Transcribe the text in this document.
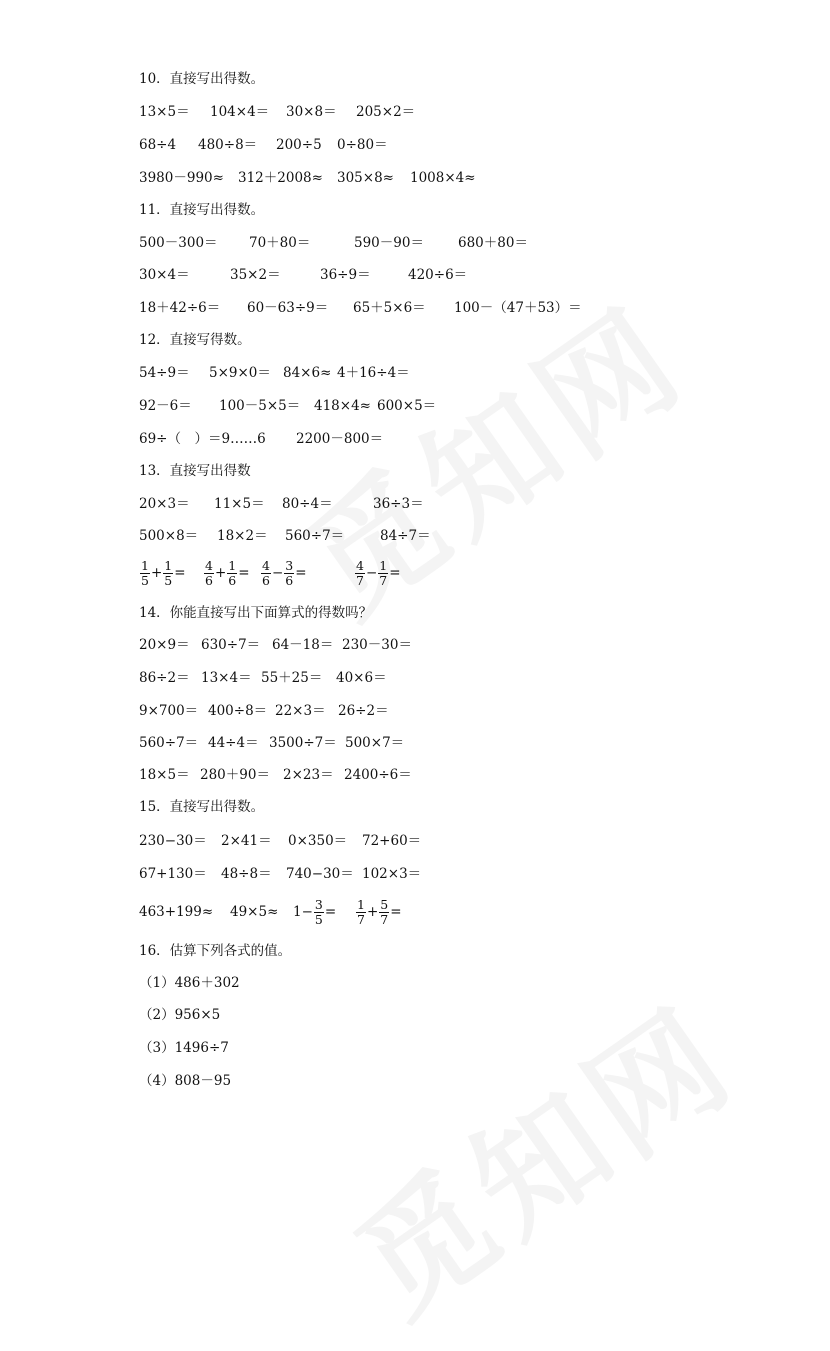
10．直接写出得数。
13×5＝ 104×4＝ 30×8＝ 205×2＝
68÷4 480÷8＝ 200÷5 0÷80＝
3980－990≈ 312＋2008≈ 305×8≈ 1008×4≈
11．直接写出得数。
500－300＝ 70＋80＝	590－90＝	680＋80＝
30×4＝	35×2＝	36÷9＝	420÷6＝
18＋42÷6＝ 60－63÷9＝ 65＋5×6＝ 100－（47＋53）＝
12．直接写得数。
54÷9＝ 5×9×0＝ 84×6≈ 4＋16÷4＝
92－6＝ 100－5×5＝ 418×4≈ 600×5＝
69÷（　）＝9……6 2200－800＝
13．直接写出得数
20×3＝ 11×5＝ 80÷4＝	36÷3＝
500×8＝ 18×2＝ 560÷7＝	84÷7＝
$\frac{1}{5} + \frac{1}{5} = \frac{4}{6} + \frac{1}{6} = \frac{4}{6} - \frac{3}{6}$ =	$\frac{4}{7} - \frac{1}{7}$ =
14．你能直接写出下面算式的得数吗？
20×9＝ 630÷7＝ 64－18＝ 230－30＝
86÷2＝ 13×4＝ 55＋25＝ 40×6＝
9×700＝ 400÷8＝ 22×3＝ 26÷2＝
560÷7＝ 44÷4＝ 3500÷7＝ 500×7＝
18×5＝ 280＋90＝ 2×23＝ 2400÷6＝
15．直接写出得数。
230−30＝ 2×41＝ 0×350＝ 72+60＝
67+130＝ 48÷8＝ 740−30＝ 102×3＝
$463+199\approx 49\times 5\approx 1- \frac{3}{5} = \frac{1}{7} + \frac{5}{7}$ =
16．估算下列各式的值。
（1）486＋302
（2）956×5
（3）1496÷7
（4）808－95
